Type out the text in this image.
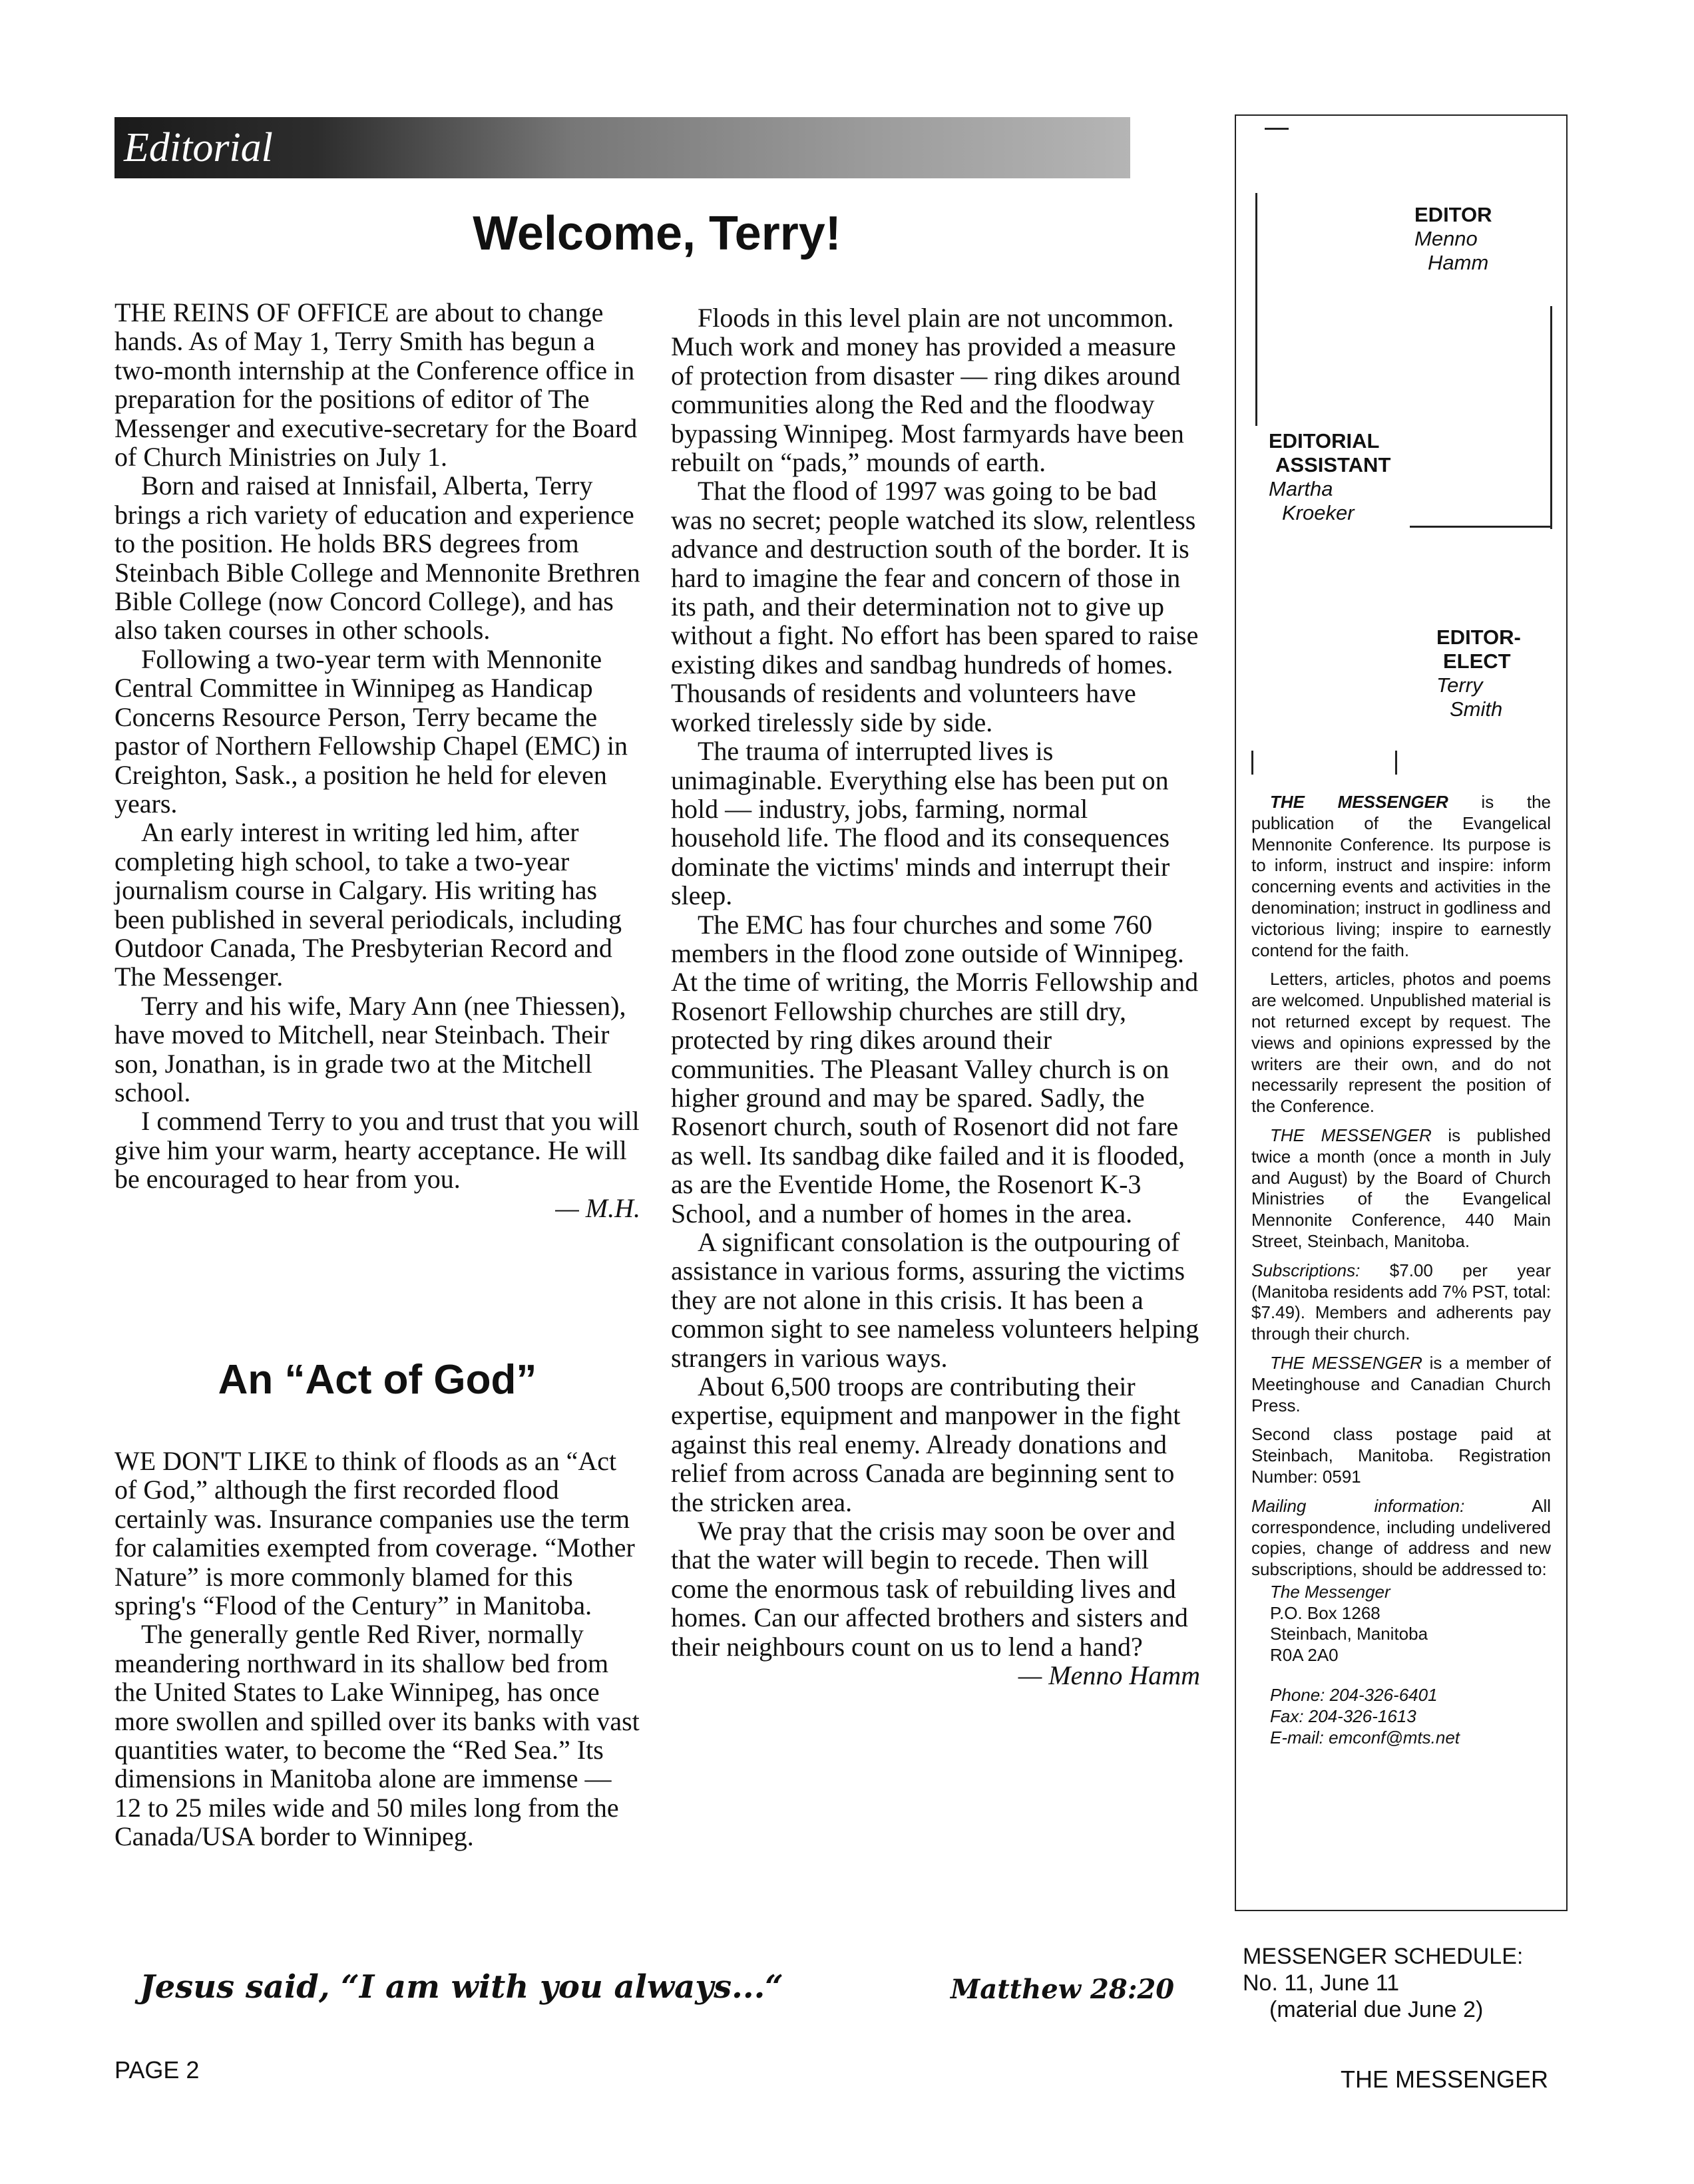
Editorial
Welcome, Terry!

THE REINS OF OFFICE are about to change hands. As of May 1, Terry Smith has begun a two-month internship at the Conference office in preparation for the positions of editor of The Messenger and executive-secretary for the Board of Church Ministries on July 1.

Born and raised at Innisfail, Alberta, Terry brings a rich variety of education and experience to the position. He holds BRS degrees from Steinbach Bible College and Mennonite Brethren Bible College (now Concord College), and has also taken courses in other schools.

Following a two-year term with Mennonite Central Committee in Winnipeg as Handicap Concerns Resource Person, Terry became the pastor of Northern Fellowship Chapel (EMC) in Creighton, Sask., a position he held for eleven years.

An early interest in writing led him, after completing high school, to take a two-year journalism course in Calgary. His writing has been published in several periodicals, including Outdoor Canada, The Presbyterian Record and The Messenger.

Terry and his wife, Mary Ann (nee Thiessen), have moved to Mitchell, near Steinbach. Their son, Jonathan, is in grade two at the Mitchell school.

I commend Terry to you and trust that you will give him your warm, hearty acceptance. He will be encouraged to hear from you.

— M.H.
An “Act of God”

WE DON'T LIKE to think of floods as an “Act of God,” although the first recorded flood certainly was. Insurance companies use the term for calamities exempted from coverage. “Mother Nature” is more commonly blamed for this spring's “Flood of the Century” in Manitoba.

The generally gentle Red River, normally meandering northward in its shallow bed from the United States to Lake Winnipeg, has once more swollen and spilled over its banks with vast quantities water, to become the “Red Sea.” Its dimensions in Manitoba alone are immense — 12 to 25 miles wide and 50 miles long from the Canada/USA border to Winnipeg.

Floods in this level plain are not uncommon. Much work and money has provided a measure of protection from disaster — ring dikes around communities along the Red and the floodway bypassing Winnipeg. Most farmyards have been rebuilt on “pads,” mounds of earth.

That the flood of 1997 was going to be bad was no secret; people watched its slow, relentless advance and destruction south of the border. It is hard to imagine the fear and concern of those in its path, and their determination not to give up without a fight. No effort has been spared to raise existing dikes and sandbag hundreds of homes. Thousands of residents and volunteers have worked tirelessly side by side.

The trauma of interrupted lives is unimaginable. Everything else has been put on hold — industry, jobs, farming, normal household life. The flood and its consequences dominate the victims' minds and interrupt their sleep.

The EMC has four churches and some 760 members in the flood zone outside of Winnipeg. At the time of writing, the Morris Fellowship and Rosenort Fellowship churches are still dry, protected by ring dikes around their communities. The Pleasant Valley church is on higher ground and may be spared. Sadly, the Rosenort church, south of Rosenort did not fare as well. Its sandbag dike failed and it is flooded, as are the Eventide Home, the Rosenort K-3 School, and a number of homes in the area.

A significant consolation is the outpouring of assistance in various forms, assuring the victims they are not alone in this crisis. It has been a common sight to see nameless volunteers helping strangers in various ways.

About 6,500 troops are contributing their expertise, equipment and manpower in the fight against this real enemy. Already donations and relief from across Canada are beginning sent to the stricken area.

We pray that the crisis may soon be over and that the water will begin to recede. Then will come the enormous task of rebuilding lives and homes. Can our affected brothers and sisters and their neighbours count on us to lend a hand?

— Menno Hamm
EDITOR
Menno
Hamm
EDITORIAL
ASSISTANT
Martha
Kroeker
EDITOR-
ELECT
Terry
Smith

THE MESSENGER is the publication of the Evangelical Mennonite Conference. Its purpose is to inform, instruct and inspire: inform concerning events and activities in the denomination; instruct in godliness and victorious living; inspire to earnestly contend for the faith.

Letters, articles, photos and poems are welcomed. Unpublished material is not returned except by request. The views and opinions expressed by the writers are their own, and do not necessarily represent the position of the Conference.

THE MESSENGER is published twice a month (once a month in July and August) by the Board of Church Ministries of the Evangelical Mennonite Conference, 440 Main Street, Steinbach, Manitoba.

Subscriptions: $7.00 per year (Manitoba residents add 7% PST, total: $7.49). Members and adherents pay through their church.

THE MESSENGER is a member of Meetinghouse and Canadian Church Press.

Second class postage paid at Steinbach, Manitoba. Registration Number: 0591

Mailing information: All correspondence, including undelivered copies, change of address and new subscriptions, should be addressed to:

The Messenger
P.O. Box 1268
Steinbach, Manitoba
R0A 2A0
Phone: 204-326-6401
Fax: 204-326-1613
E-mail: emconf@mts.net
MESSENGER SCHEDULE:
No. 11, June 11
(material due June 2)
Jesus said, “I am with you always...“	Matthew 28:20
PAGE 2	THE MESSENGER
